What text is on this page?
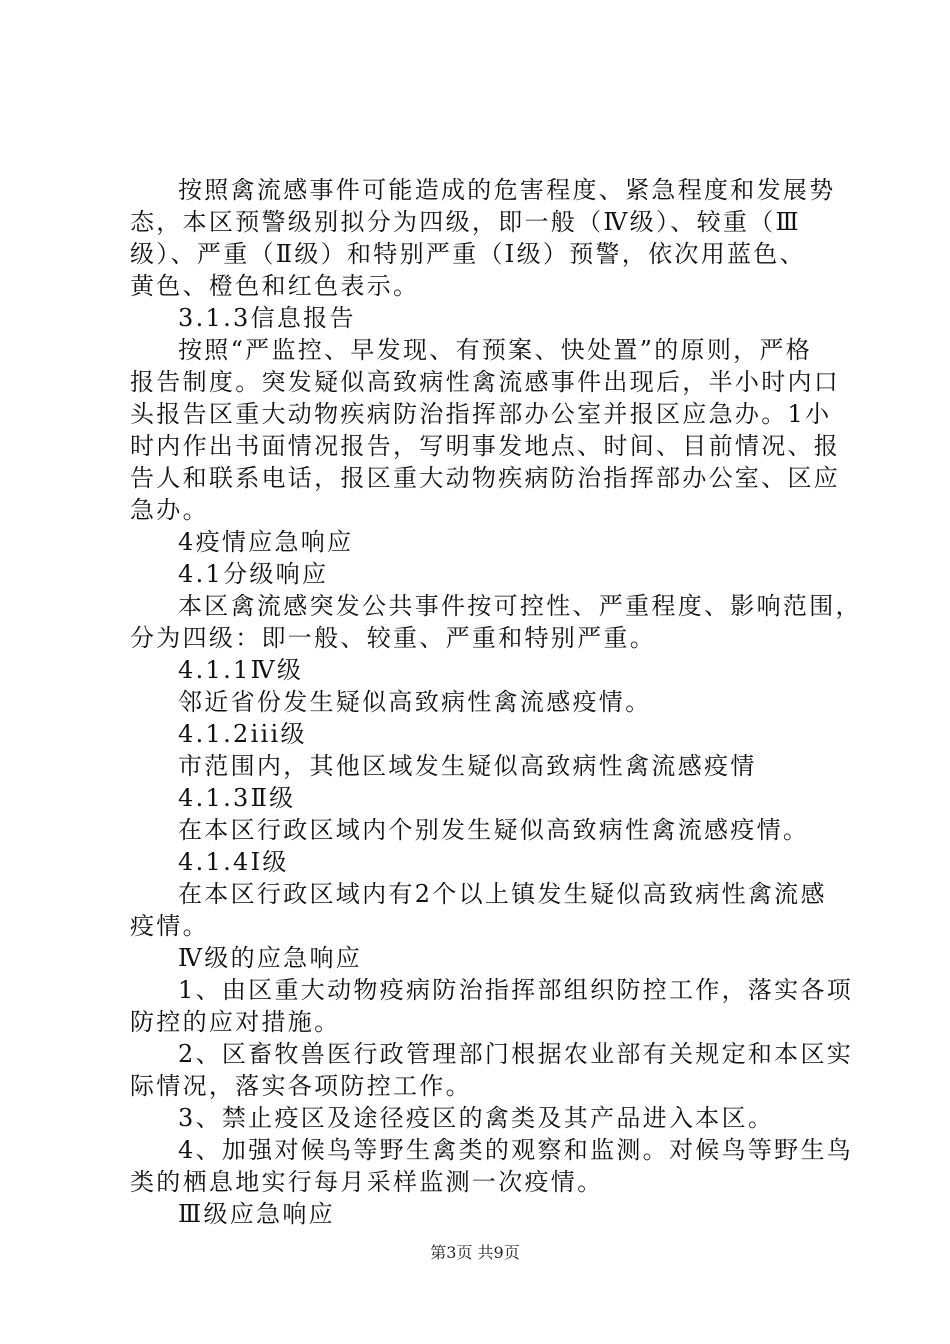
按照禽流感事件可能造成的危害程度、紧急程度和发展势
态，本区预警级别拟分为四级，即一般（Ⅳ级）、较重（Ⅲ
级）、严重（Ⅱ级）和特别严重（Ⅰ级）预警，依次用蓝色、
黄色、橙色和红色表示。
3.1.3信息报告
按照“严监控、早发现、有预案、快处置”的原则，严格
报告制度。突发疑似高致病性禽流感事件出现后，半小时内口
头报告区重大动物疾病防治指挥部办公室并报区应急办。1小
时内作出书面情况报告，写明事发地点、时间、目前情况、报
告人和联系电话，报区重大动物疾病防治指挥部办公室、区应
急办。
4疫情应急响应
4.1分级响应
本区禽流感突发公共事件按可控性、严重程度、影响范围，
分为四级：即一般、较重、严重和特别严重。
4.1.1Ⅳ级
邻近省份发生疑似高致病性禽流感疫情。
4.1.2iii级
市范围内，其他区域发生疑似高致病性禽流感疫情
4.1.3Ⅱ级
在本区行政区域内个别发生疑似高致病性禽流感疫情。
4.1.4Ⅰ级
在本区行政区域内有2个以上镇发生疑似高致病性禽流感
疫情。
Ⅳ级的应急响应
1、由区重大动物疫病防治指挥部组织防控工作，落实各项
防控的应对措施。
2、区畜牧兽医行政管理部门根据农业部有关规定和本区实
际情况，落实各项防控工作。
3、禁止疫区及途径疫区的禽类及其产品进入本区。
4、加强对候鸟等野生禽类的观察和监测。对候鸟等野生鸟
类的栖息地实行每月采样监测一次疫情。
Ⅲ级应急响应
第3页 共9页
